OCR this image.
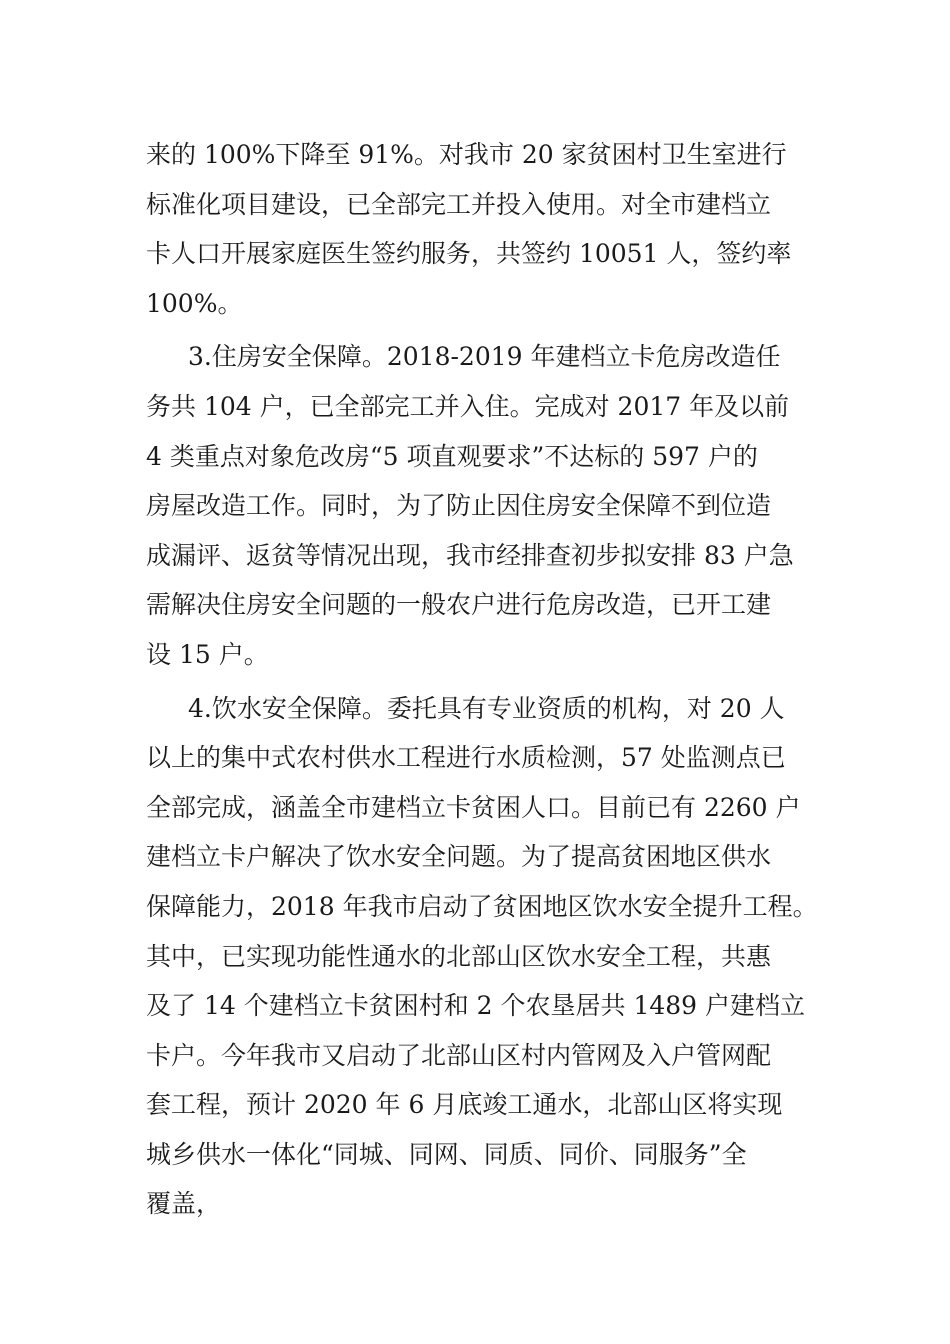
来的 100%下降至 91%。对我市 20 家贫困村卫生室进行
标准化项目建设，已全部完工并投入使用。对全市建档立
卡人口开展家庭医生签约服务，共签约 10051 人，签约率
100%。
3.住房安全保障。2018-2019 年建档立卡危房改造任
务共 104 户，已全部完工并入住。完成对 2017 年及以前
4 类重点对象危改房“5 项直观要求”不达标的 597 户的
房屋改造工作。同时，为了防止因住房安全保障不到位造
成漏评、返贫等情况出现，我市经排查初步拟安排 83 户急
需解决住房安全问题的一般农户进行危房改造，已开工建
设 15 户。
4.饮水安全保障。委托具有专业资质的机构，对 20 人
以上的集中式农村供水工程进行水质检测，57 处监测点已
全部完成，涵盖全市建档立卡贫困人口。目前已有 2260 户
建档立卡户解决了饮水安全问题。为了提高贫困地区供水
保障能力，2018 年我市启动了贫困地区饮水安全提升工程。
其中，已实现功能性通水的北部山区饮水安全工程，共惠
及了 14 个建档立卡贫困村和 2 个农垦居共 1489 户建档立
卡户。今年我市又启动了北部山区村内管网及入户管网配
套工程，预计 2020 年 6 月底竣工通水，北部山区将实现
城乡供水一体化“同城、同网、同质、同价、同服务”全
覆盖，
